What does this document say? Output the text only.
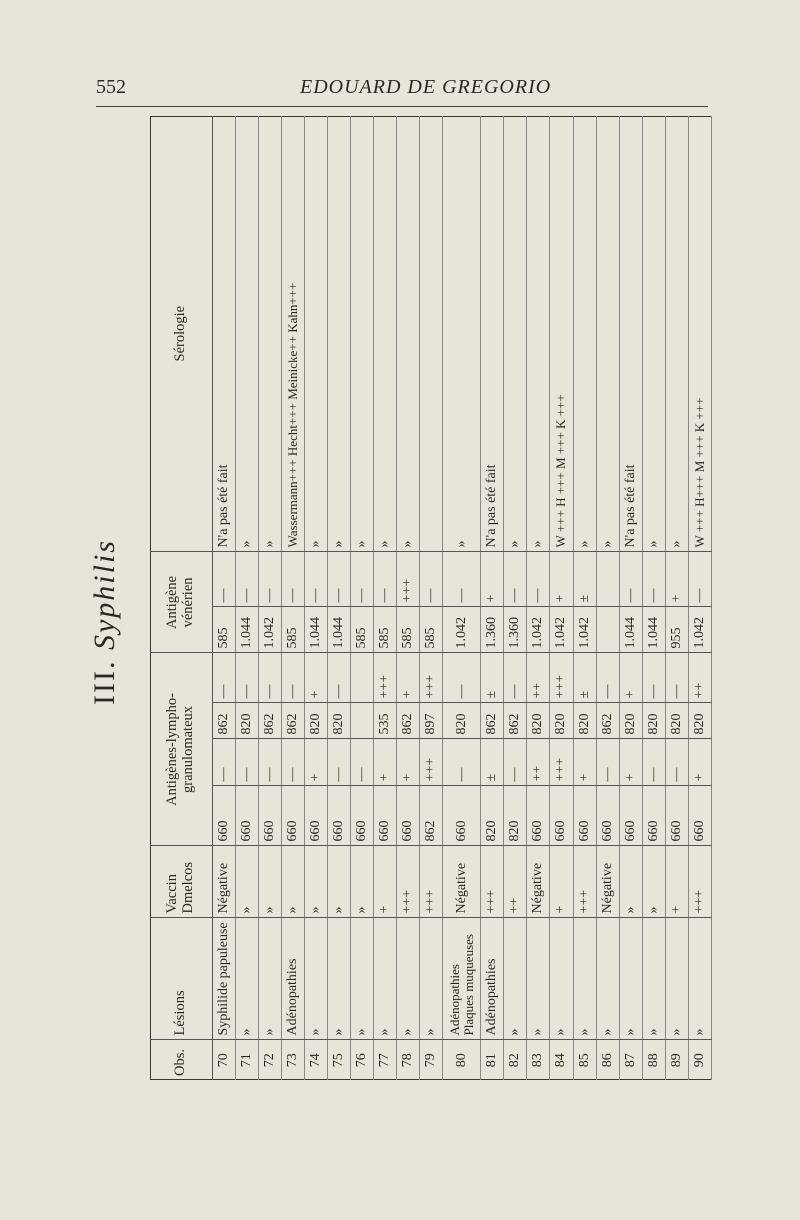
552	EDOUARD DE GREGORIO
III. Syphilis
Obs.	Lésions	Vaccin Dmelcos	Antigènes-lympho-granulomateux				Antigène vénérien		Sérologie
70	Syphilide papuleuse	Négative	660	—	862	—	585	—	N'a pas été fait
71	»	»	660	—	820	—	1.044	—	»
72	»	»	660	—	862	—	1.042	—	»
73	Adénopathies	»	660	—	862	—	585	—	Wassermann+++ Hecht+++ Meinicke++ Kahn+++
74	»	»	660	+	820	+	1.044	—	»
75	»	»	660	—	820	—	1.044	—	»
76	»	»	660	—			585	—	»
77	»	+	660	+	535	+++	585	—	»
78	»	+++	660	+	862	+	585	+++	»
79	»	+++	862	+++	897	+++	585	—	
80	Adénopathies Plaques muqueuses	Négative	660	—	820	—	1.042	—	»
81	Adénopathies	+++	820	±	862	±	1.360	+	N'a pas été fait
82	»	++	820	—	862	—	1.360	—	»
83	»	Négative	660	++	820	++	1.042	—	»
84	»	+	660	+++	820	+++	1.042	+	W +++ H +++ M +++ K +++
85	»	+++	660	+	820	±	1.042	±	»
86	»	Négative	660	—	862	—			»
87	»	»	660	+	820	+	1.044	—	N'a pas été fait
88	»	»	660	—	820	—	1.044	—	»
89	»	+	660	—	820	—	955	+	»
90	»	+++	660	+	820	++	1.042	—	W +++ H+++ M +++ K +++
